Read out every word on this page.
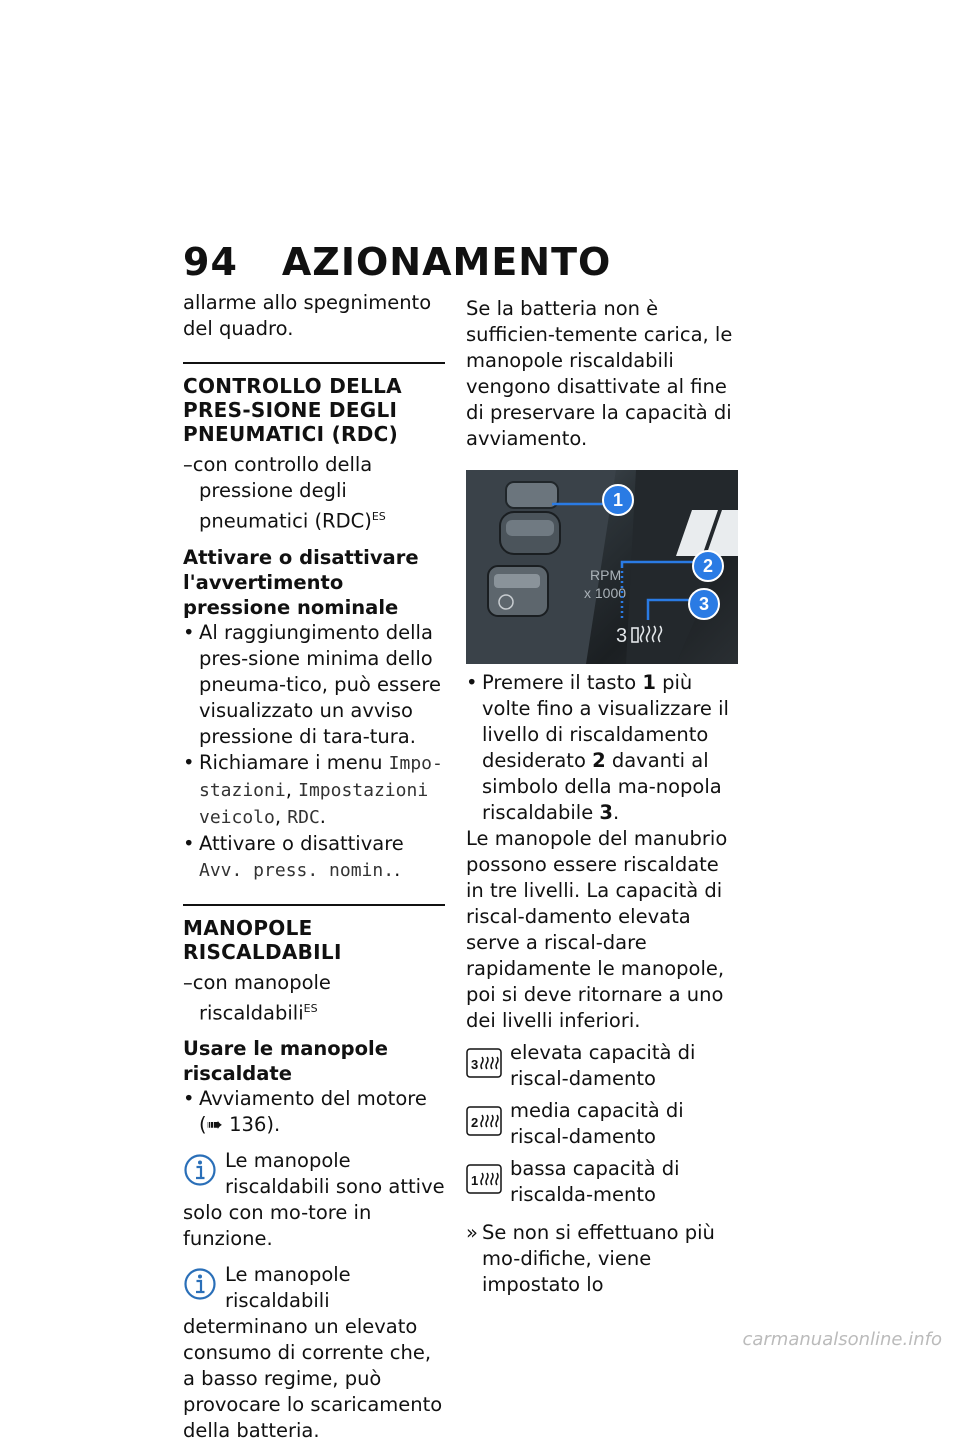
94 AZIONAMENTO

allarme allo spegnimento del quadro.

CONTROLLO DELLA PRES-SIONE DEGLI PNEUMATICI (RDC)

–con controllo della pressione degli pneumatici (RDC)$^{ES}$

Attivare o disattivare l'avvertimento pressione nominale

• Al raggiungimento della pres-sione minima dello pneuma-tico, può essere visualizzato un avviso pressione di tara-tura.

• Richiamare i menu Impo-stazioni, Impostazioni veicolo, RDC.

• Attivare o disattivare Avv. press. nomin..

MANOPOLE RISCALDABILI

–con manopole riscaldabili$^{ES}$

Usare le manopole riscaldate

• Avviamento del motore
(➠ 136).

Le manopole riscaldabili sono attive solo con mo-tore in funzione.

Le manopole riscaldabili determinano un elevato consumo di corrente che, a basso regime, può provocare lo scaricamento della batteria.

Se la batteria non è sufficien-temente carica, le manopole riscaldabili vengono disattivate al fine di preservare la capacità di avviamento.

RPM
x 1000
3
1
2
3

• Premere il tasto 1 più volte fino a visualizzare il livello di riscaldamento desiderato 2 davanti al simbolo della ma-nopola riscaldabile 3.

Le manopole del manubrio possono essere riscaldate in tre livelli. La capacità di riscal-damento elevata serve a riscal-dare rapidamente le manopole, poi si deve ritornare a uno dei livelli inferiori.

3

elevata capacità di riscal-damento

2

media capacità di riscal-damento

1

bassa capacità di riscalda-mento

» Se non si effettuano più mo-difiche, viene impostato lo

carmanualsonline.info
